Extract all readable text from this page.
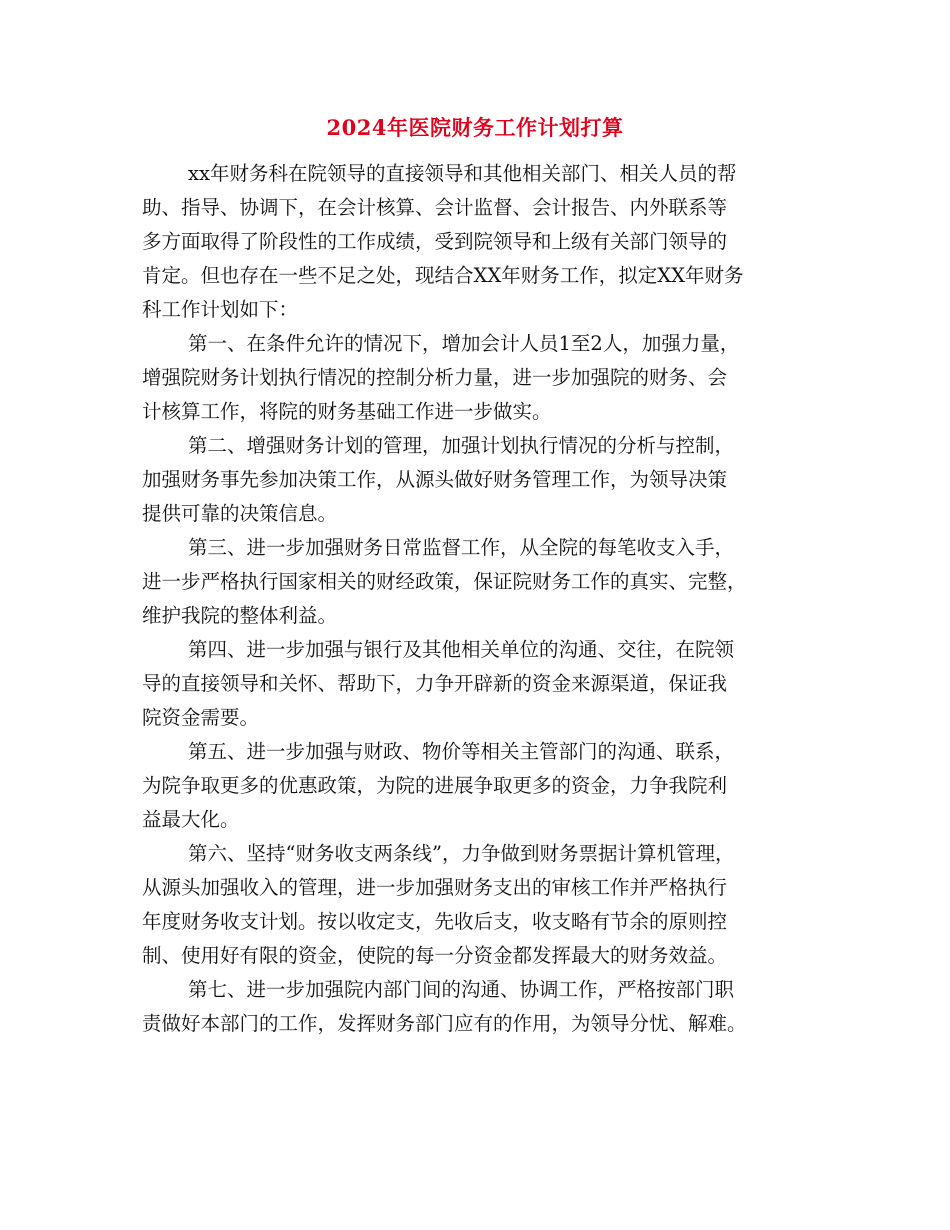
2024年医院财务工作计划打算
xx年财务科在院领导的直接领导和其他相关部门、相关人员的帮
助、指导、协调下，在会计核算、会计监督、会计报告、内外联系等
多方面取得了阶段性的工作成绩，受到院领导和上级有关部门领导的
肯定。但也存在一些不足之处，现结合XX年财务工作，拟定XX年财务
科工作计划如下：
第一、在条件允许的情况下，增加会计人员1至2人，加强力量，
增强院财务计划执行情况的控制分析力量，进一步加强院的财务、会
计核算工作，将院的财务基础工作进一步做实。
第二、增强财务计划的管理，加强计划执行情况的分析与控制，
加强财务事先参加决策工作，从源头做好财务管理工作，为领导决策
提供可靠的决策信息。
第三、进一步加强财务日常监督工作，从全院的每笔收支入手，
进一步严格执行国家相关的财经政策，保证院财务工作的真实、完整，
维护我院的整体利益。
第四、进一步加强与银行及其他相关单位的沟通、交往，在院领
导的直接领导和关怀、帮助下，力争开辟新的资金来源渠道，保证我
院资金需要。
第五、进一步加强与财政、物价等相关主管部门的沟通、联系，
为院争取更多的优惠政策，为院的进展争取更多的资金，力争我院利
益最大化。
第六、坚持“财务收支两条线”，力争做到财务票据计算机管理，
从源头加强收入的管理，进一步加强财务支出的审核工作并严格执行
年度财务收支计划。按以收定支，先收后支，收支略有节余的原则控
制、使用好有限的资金，使院的每一分资金都发挥最大的财务效益。
第七、进一步加强院内部门间的沟通、协调工作，严格按部门职
责做好本部门的工作，发挥财务部门应有的作用，为领导分忧、解难。
